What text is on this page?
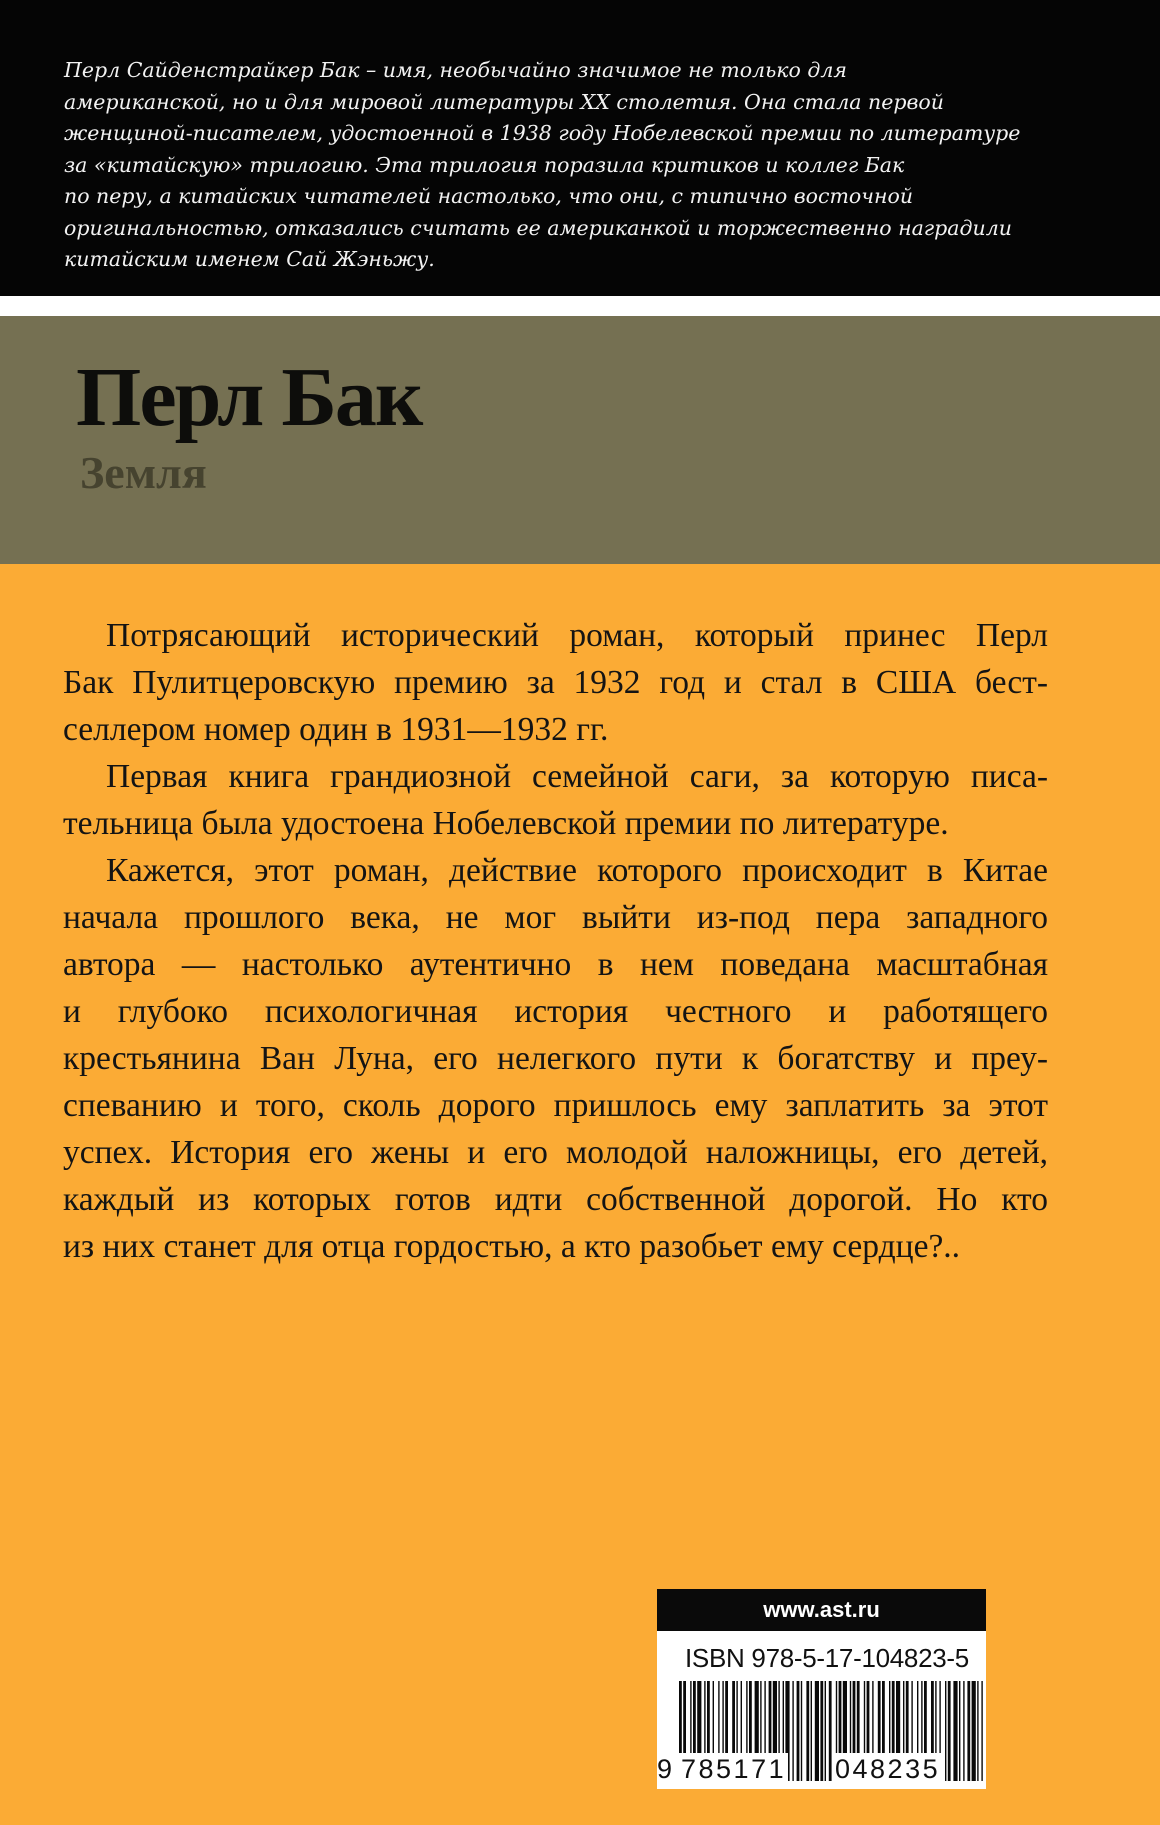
Перл Сайденстрайкер Бак – имя, необычайно значимое не только для
американской, но и для мировой литературы XX столетия. Она стала первой
женщиной-писателем, удостоенной в 1938 году Нобелевской премии по литературе
за «китайскую» трилогию. Эта трилогия поразила критиков и коллег Бак
по перу, а китайских читателей настолько, что они, с типично восточной
оригинальностью, отказались считать ее американкой и торжественно наградили
китайским именем Сай Жэньжу.

Перл Бак
Земля
Потрясающий исторический роман, который принес Перл
Бак Пулитцеровскую премию за 1932 год и стал в США бест-
селлером номер один в 1931—1932 гг.
Первая книга грандиозной семейной саги, за которую писа-
тельница была удостоена Нобелевской премии по литературе.
Кажется, этот роман, действие которого происходит в Китае
начала прошлого века, не мог выйти из-под пера западного
автора — настолько аутентично в нем поведана масштабная
и глубоко психологичная история честного и работящего
крестьянина Ван Луна, его нелегкого пути к богатству и преу-
спеванию и того, сколь дорого пришлось ему заплатить за этот
успех. История его жены и его молодой наложницы, его детей,
каждый из которых готов идти собственной дорогой. Но кто
из них станет для отца гордостью, а кто разобьет ему сердце?..
www.ast.ru
ISBN 978-5-17-104823-5
9 785171 048235
